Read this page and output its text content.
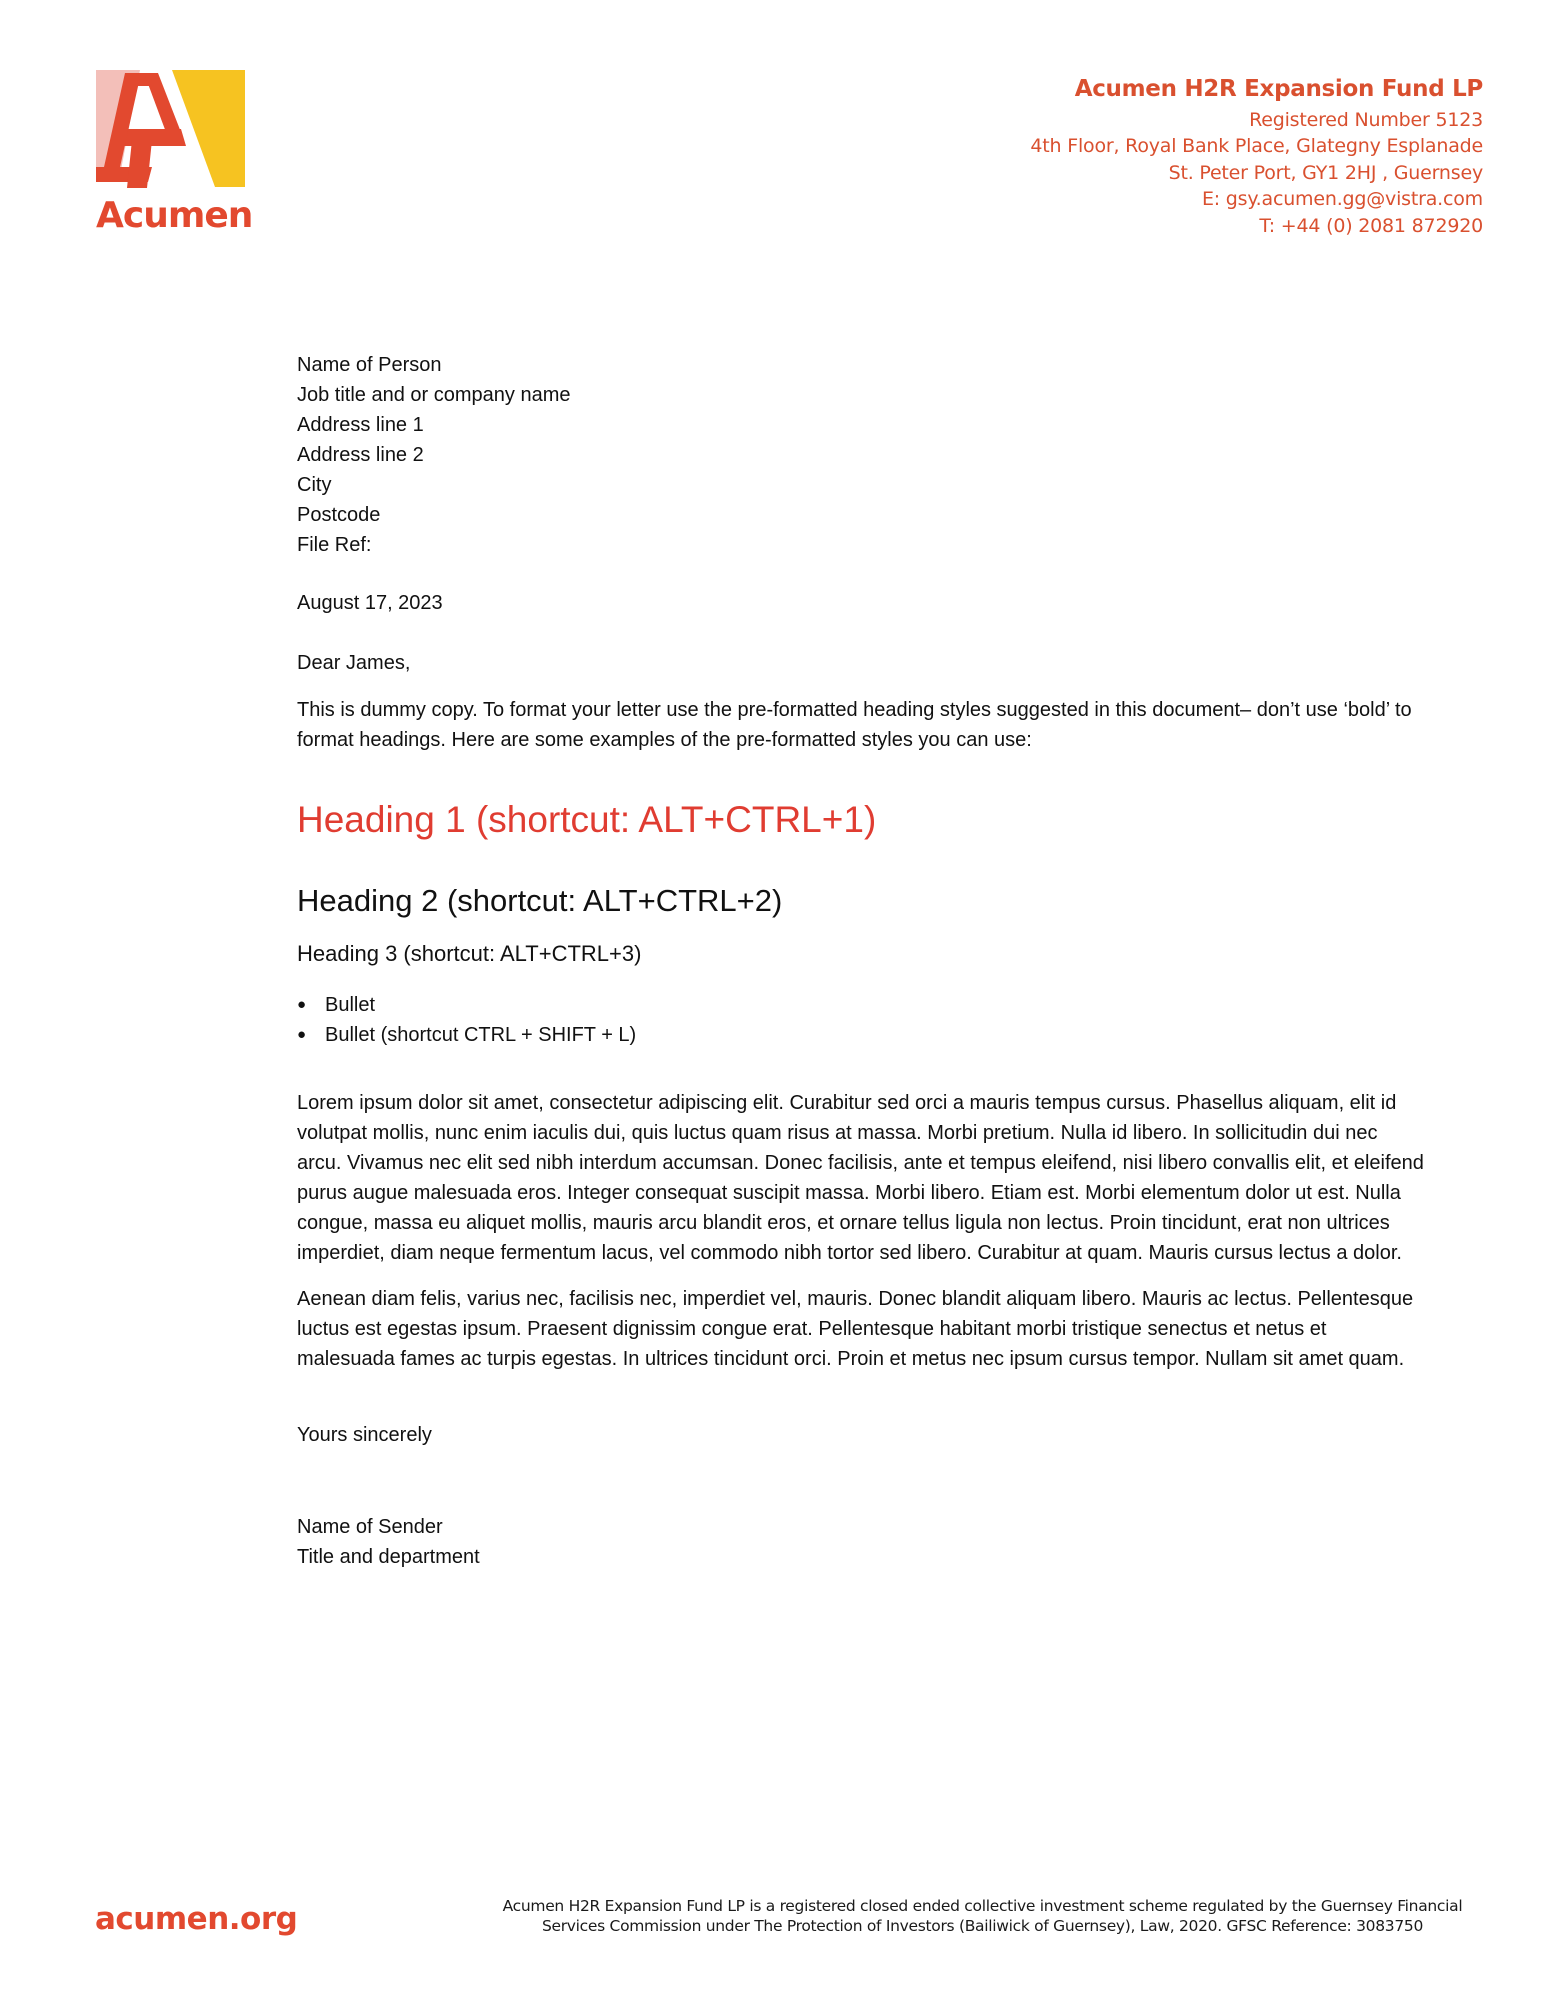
Acumen
Acumen H2R Expansion Fund LP
Registered Number 5123
4th Floor, Royal Bank Place, Glategny Esplanade
St. Peter Port, GY1 2HJ , Guernsey
E: gsy.acumen.gg@vistra.com
T: +44 (0) 2081 872920
Name of Person
Job title and or company name
Address line 1
Address line 2
City
Postcode
File Ref:
August 17, 2023
Dear James,

This is dummy copy. To format your letter use the pre-formatted heading styles suggested in this document– don’t use ‘bold’ to format headings. Here are some examples of the pre-formatted styles you can use:

Heading 1 (shortcut: ALT+CTRL+1)
Heading 2 (shortcut: ALT+CTRL+2)
Heading 3 (shortcut: ALT+CTRL+3)
● Bullet
● Bullet (shortcut CTRL + SHIFT + L)

Lorem ipsum dolor sit amet, consectetur adipiscing elit. Curabitur sed orci a mauris tempus cursus. Phasellus aliquam, elit id volutpat mollis, nunc enim iaculis dui, quis luctus quam risus at massa. Morbi pretium. Nulla id libero. In sollicitudin dui nec arcu. Vivamus nec elit sed nibh interdum accumsan. Donec facilisis, ante et tempus eleifend, nisi libero convallis elit, et eleifend purus augue malesuada eros. Integer consequat suscipit massa. Morbi libero. Etiam est. Morbi elementum dolor ut est. Nulla congue, massa eu aliquet mollis, mauris arcu blandit eros, et ornare tellus ligula non lectus. Proin tincidunt, erat non ultrices imperdiet, diam neque fermentum lacus, vel commodo nibh tortor sed libero. Curabitur at quam. Mauris cursus lectus a dolor.

Aenean diam felis, varius nec, facilisis nec, imperdiet vel, mauris. Donec blandit aliquam libero. Mauris ac lectus. Pellentesque luctus est egestas ipsum. Praesent dignissim congue erat. Pellentesque habitant morbi tristique senectus et netus et malesuada fames ac turpis egestas. In ultrices tincidunt orci. Proin et metus nec ipsum cursus tempor. Nullam sit amet quam.

Yours sincerely
Name of Sender
Title and department
acumen.org	Acumen H2R Expansion Fund LP is a registered closed ended collective investment scheme regulated by the Guernsey Financial Services Commission under The Protection of Investors (Bailiwick of Guernsey), Law, 2020. GFSC Reference: 3083750
